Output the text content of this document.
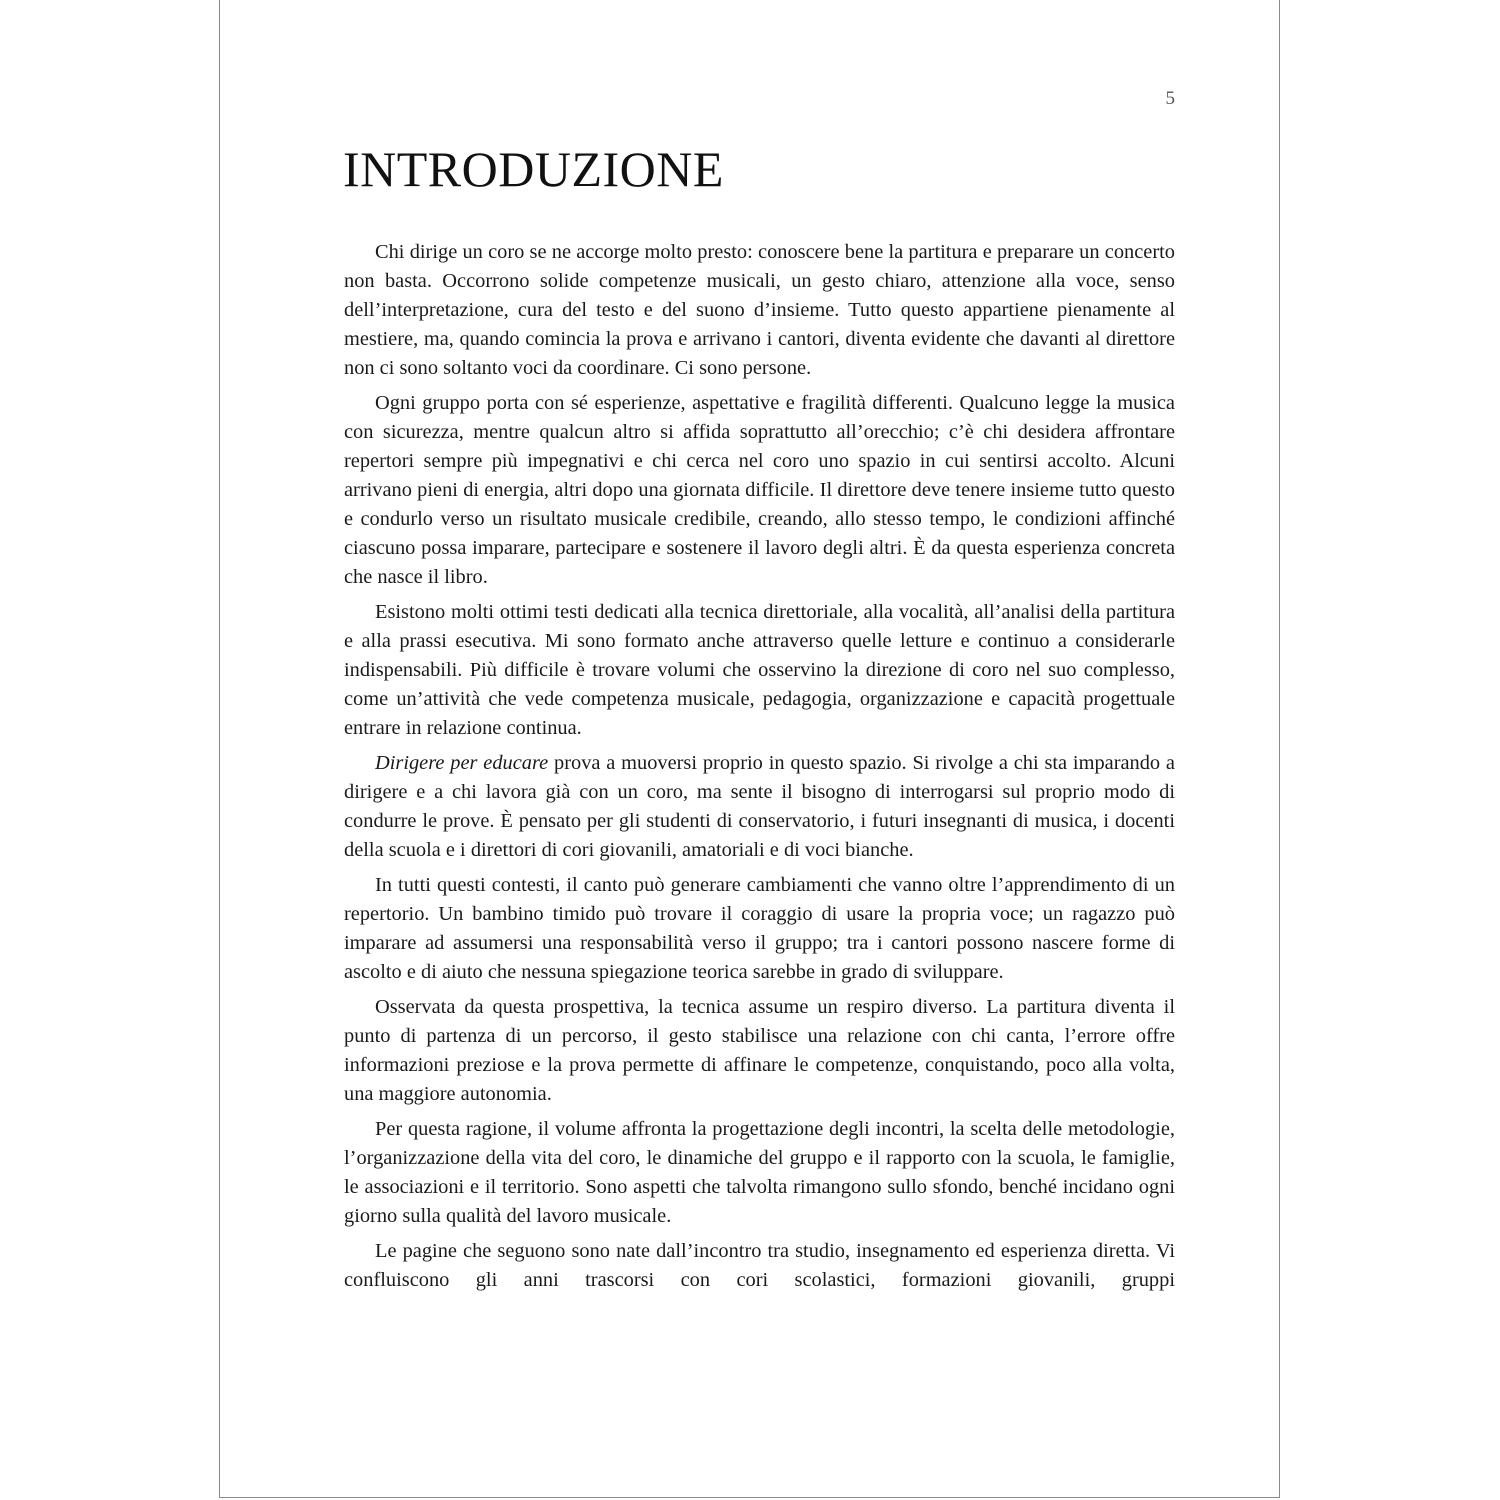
5

INTRODUZIONE

Chi dirige un coro se ne accorge molto presto: conoscere bene la partitura e preparare un concerto non basta. Occorrono solide competenze musicali, un gesto chiaro, attenzione alla voce, senso dell’interpretazione, cura del testo e del suono d’insieme. Tutto questo appartiene pienamente al mestiere, ma, quando comincia la prova e arrivano i cantori, diventa evidente che davanti al direttore non ci sono soltanto voci da coordinare. Ci sono persone.

Ogni gruppo porta con sé esperienze, aspettative e fragilità differenti. Qualcuno legge la musica con sicurezza, mentre qualcun altro si affida soprattutto all’orecchio; c’è chi desidera affrontare repertori sempre più impegnativi e chi cerca nel coro uno spazio in cui sentirsi accolto. Alcuni arrivano pieni di energia, altri dopo una giornata difficile. Il direttore deve tenere insieme tutto questo e condurlo verso un risultato musicale credibile, creando, allo stesso tempo, le condizioni affinché ciascuno possa imparare, partecipare e sostenere il lavoro degli altri. È da questa esperienza concreta che nasce il libro.

Esistono molti ottimi testi dedicati alla tecnica direttoriale, alla vocalità, all’analisi della partitura e alla prassi esecutiva. Mi sono formato anche attraverso quelle letture e continuo a considerarle indispensabili. Più difficile è trovare volumi che osservino la direzione di coro nel suo complesso, come un’attività che vede competenza musicale, pedagogia, organizzazione e capacità progettuale entrare in relazione continua.

Dirigere per educare prova a muoversi proprio in questo spazio. Si rivolge a chi sta imparando a dirigere e a chi lavora già con un coro, ma sente il bisogno di interrogarsi sul proprio modo di condurre le prove. È pensato per gli studenti di conservatorio, i futuri insegnanti di musica, i docenti della scuola e i direttori di cori giovanili, amatoriali e di voci bianche.

In tutti questi contesti, il canto può generare cambiamenti che vanno oltre l’apprendimento di un repertorio. Un bambino timido può trovare il coraggio di usare la propria voce; un ragazzo può imparare ad assumersi una responsabilità verso il gruppo; tra i cantori possono nascere forme di ascolto e di aiuto che nessuna spiegazione teorica sarebbe in grado di sviluppare.

Osservata da questa prospettiva, la tecnica assume un respiro diverso. La partitura diventa il punto di partenza di un percorso, il gesto stabilisce una relazione con chi canta, l’errore offre informazioni preziose e la prova permette di affinare le competenze, conquistando, poco alla volta, una maggiore autonomia.

Per questa ragione, il volume affronta la progettazione degli incontri, la scelta delle metodologie, l’organizzazione della vita del coro, le dinamiche del gruppo e il rapporto con la scuola, le famiglie, le associazioni e il territorio. Sono aspetti che talvolta rimangono sullo sfondo, benché incidano ogni giorno sulla qualità del lavoro musicale.

Le pagine che seguono sono nate dall’incontro tra studio, insegnamento ed esperienza diretta. Vi confluiscono gli anni trascorsi con cori scolastici, formazioni giovanili, gruppi
